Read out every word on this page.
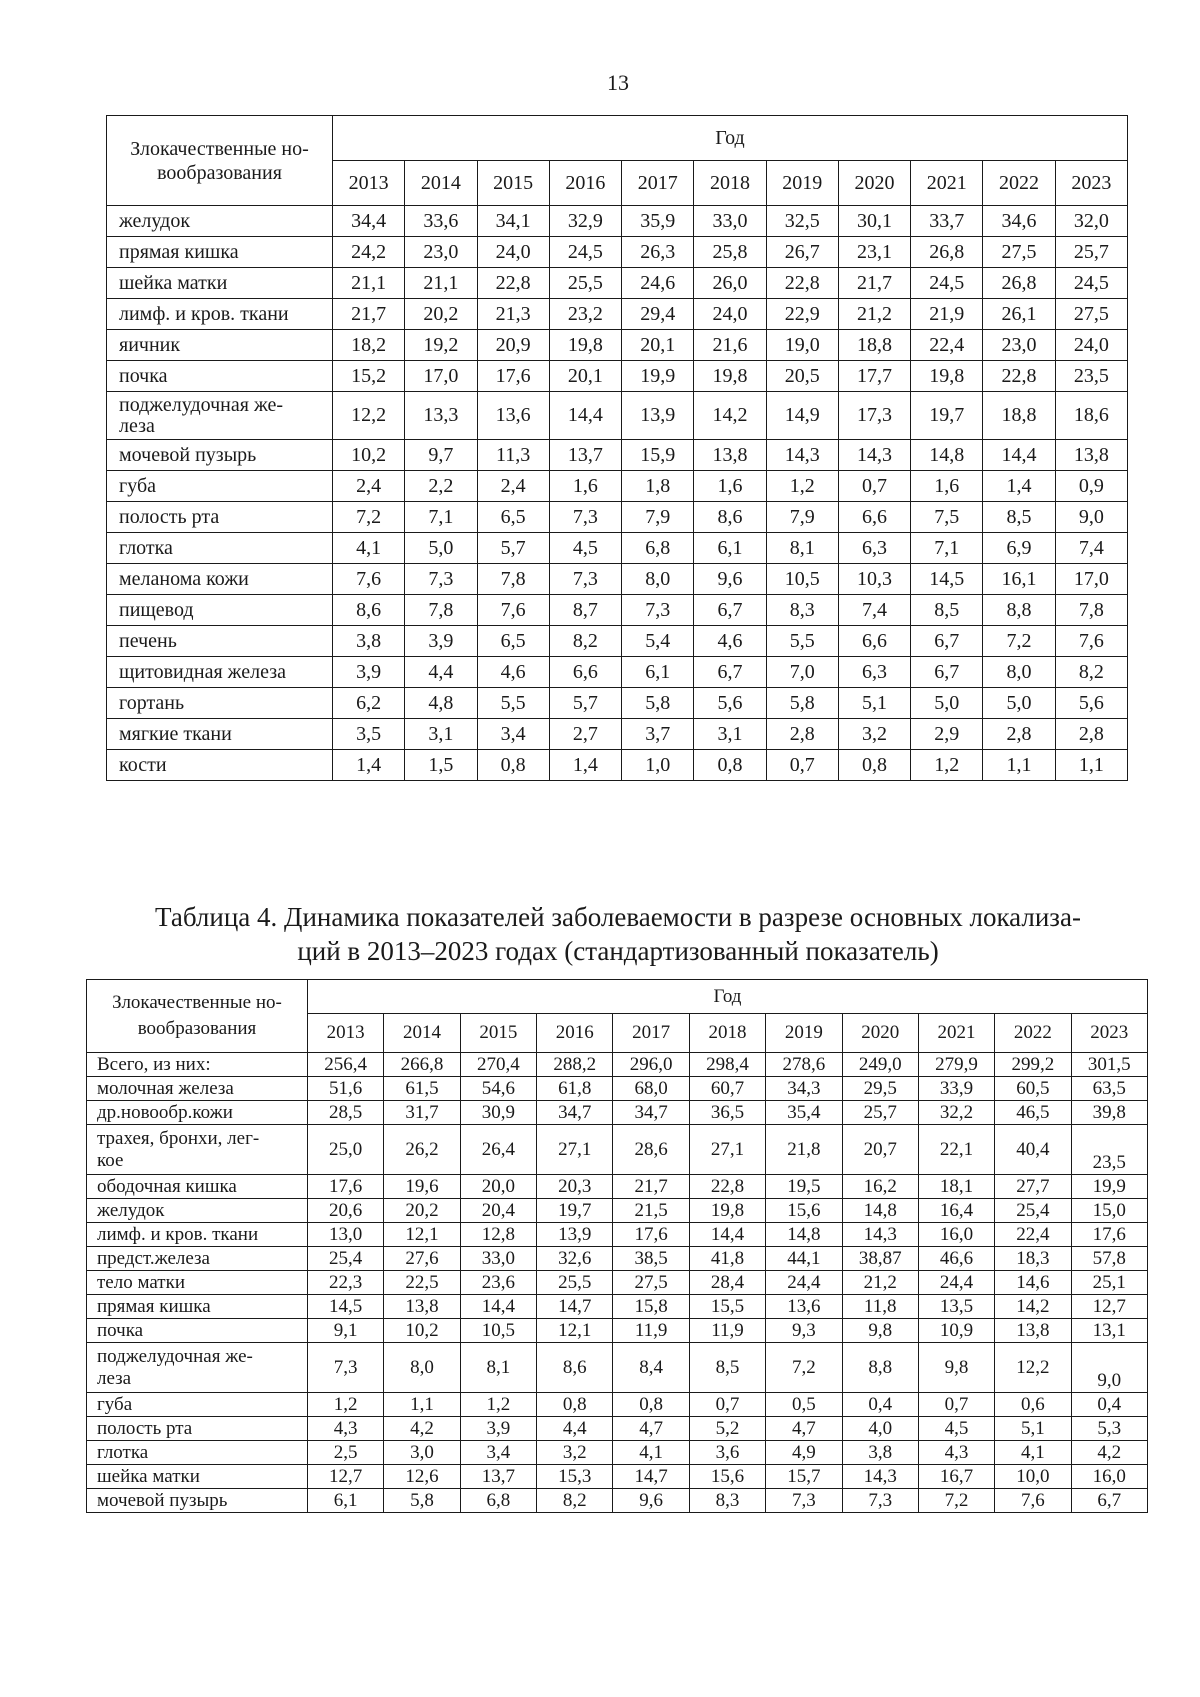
13
Злокачественные но-
вообразования	Год										
	2013	2014	2015	2016	2017	2018	2019	2020	2021	2022	2023
желудок	34,4	33,6	34,1	32,9	35,9	33,0	32,5	30,1	33,7	34,6	32,0
прямая кишка	24,2	23,0	24,0	24,5	26,3	25,8	26,7	23,1	26,8	27,5	25,7
шейка матки	21,1	21,1	22,8	25,5	24,6	26,0	22,8	21,7	24,5	26,8	24,5
лимф. и кров. ткани	21,7	20,2	21,3	23,2	29,4	24,0	22,9	21,2	21,9	26,1	27,5
яичник	18,2	19,2	20,9	19,8	20,1	21,6	19,0	18,8	22,4	23,0	24,0
почка	15,2	17,0	17,6	20,1	19,9	19,8	20,5	17,7	19,8	22,8	23,5
поджелудочная же-
леза	12,2	13,3	13,6	14,4	13,9	14,2	14,9	17,3	19,7	18,8	18,6
мочевой пузырь	10,2	9,7	11,3	13,7	15,9	13,8	14,3	14,3	14,8	14,4	13,8
губа	2,4	2,2	2,4	1,6	1,8	1,6	1,2	0,7	1,6	1,4	0,9
полость рта	7,2	7,1	6,5	7,3	7,9	8,6	7,9	6,6	7,5	8,5	9,0
глотка	4,1	5,0	5,7	4,5	6,8	6,1	8,1	6,3	7,1	6,9	7,4
меланома кожи	7,6	7,3	7,8	7,3	8,0	9,6	10,5	10,3	14,5	16,1	17,0
пищевод	8,6	7,8	7,6	8,7	7,3	6,7	8,3	7,4	8,5	8,8	7,8
печень	3,8	3,9	6,5	8,2	5,4	4,6	5,5	6,6	6,7	7,2	7,6
щитовидная железа	3,9	4,4	4,6	6,6	6,1	6,7	7,0	6,3	6,7	8,0	8,2
гортань	6,2	4,8	5,5	5,7	5,8	5,6	5,8	5,1	5,0	5,0	5,6
мягкие ткани	3,5	3,1	3,4	2,7	3,7	3,1	2,8	3,2	2,9	2,8	2,8
кости	1,4	1,5	0,8	1,4	1,0	0,8	0,7	0,8	1,2	1,1	1,1
Таблица 4. Динамика показателей заболеваемости в разрезе основных локализа-
ций в 2013–2023 годах (стандартизованный показатель)
Злокачественные но-
вообразования	Год										
	2013	2014	2015	2016	2017	2018	2019	2020	2021	2022	2023
Всего, из них:	256,4	266,8	270,4	288,2	296,0	298,4	278,6	249,0	279,9	299,2	301,5
молочная железа	51,6	61,5	54,6	61,8	68,0	60,7	34,3	29,5	33,9	60,5	63,5
др.новообр.кожи	28,5	31,7	30,9	34,7	34,7	36,5	35,4	25,7	32,2	46,5	39,8
трахея, бронхи, лег-
кое	25,0	26,2	26,4	27,1	28,6	27,1	21,8	20,7	22,1	40,4	23,5
ободочная кишка	17,6	19,6	20,0	20,3	21,7	22,8	19,5	16,2	18,1	27,7	19,9
желудок	20,6	20,2	20,4	19,7	21,5	19,8	15,6	14,8	16,4	25,4	15,0
лимф. и кров. ткани	13,0	12,1	12,8	13,9	17,6	14,4	14,8	14,3	16,0	22,4	17,6
предст.железа	25,4	27,6	33,0	32,6	38,5	41,8	44,1	38,87	46,6	18,3	57,8
тело матки	22,3	22,5	23,6	25,5	27,5	28,4	24,4	21,2	24,4	14,6	25,1
прямая кишка	14,5	13,8	14,4	14,7	15,8	15,5	13,6	11,8	13,5	14,2	12,7
почка	9,1	10,2	10,5	12,1	11,9	11,9	9,3	9,8	10,9	13,8	13,1
поджелудочная же-
леза	7,3	8,0	8,1	8,6	8,4	8,5	7,2	8,8	9,8	12,2	9,0
губа	1,2	1,1	1,2	0,8	0,8	0,7	0,5	0,4	0,7	0,6	0,4
полость рта	4,3	4,2	3,9	4,4	4,7	5,2	4,7	4,0	4,5	5,1	5,3
глотка	2,5	3,0	3,4	3,2	4,1	3,6	4,9	3,8	4,3	4,1	4,2
шейка матки	12,7	12,6	13,7	15,3	14,7	15,6	15,7	14,3	16,7	10,0	16,0
мочевой пузырь	6,1	5,8	6,8	8,2	9,6	8,3	7,3	7,3	7,2	7,6	6,7
